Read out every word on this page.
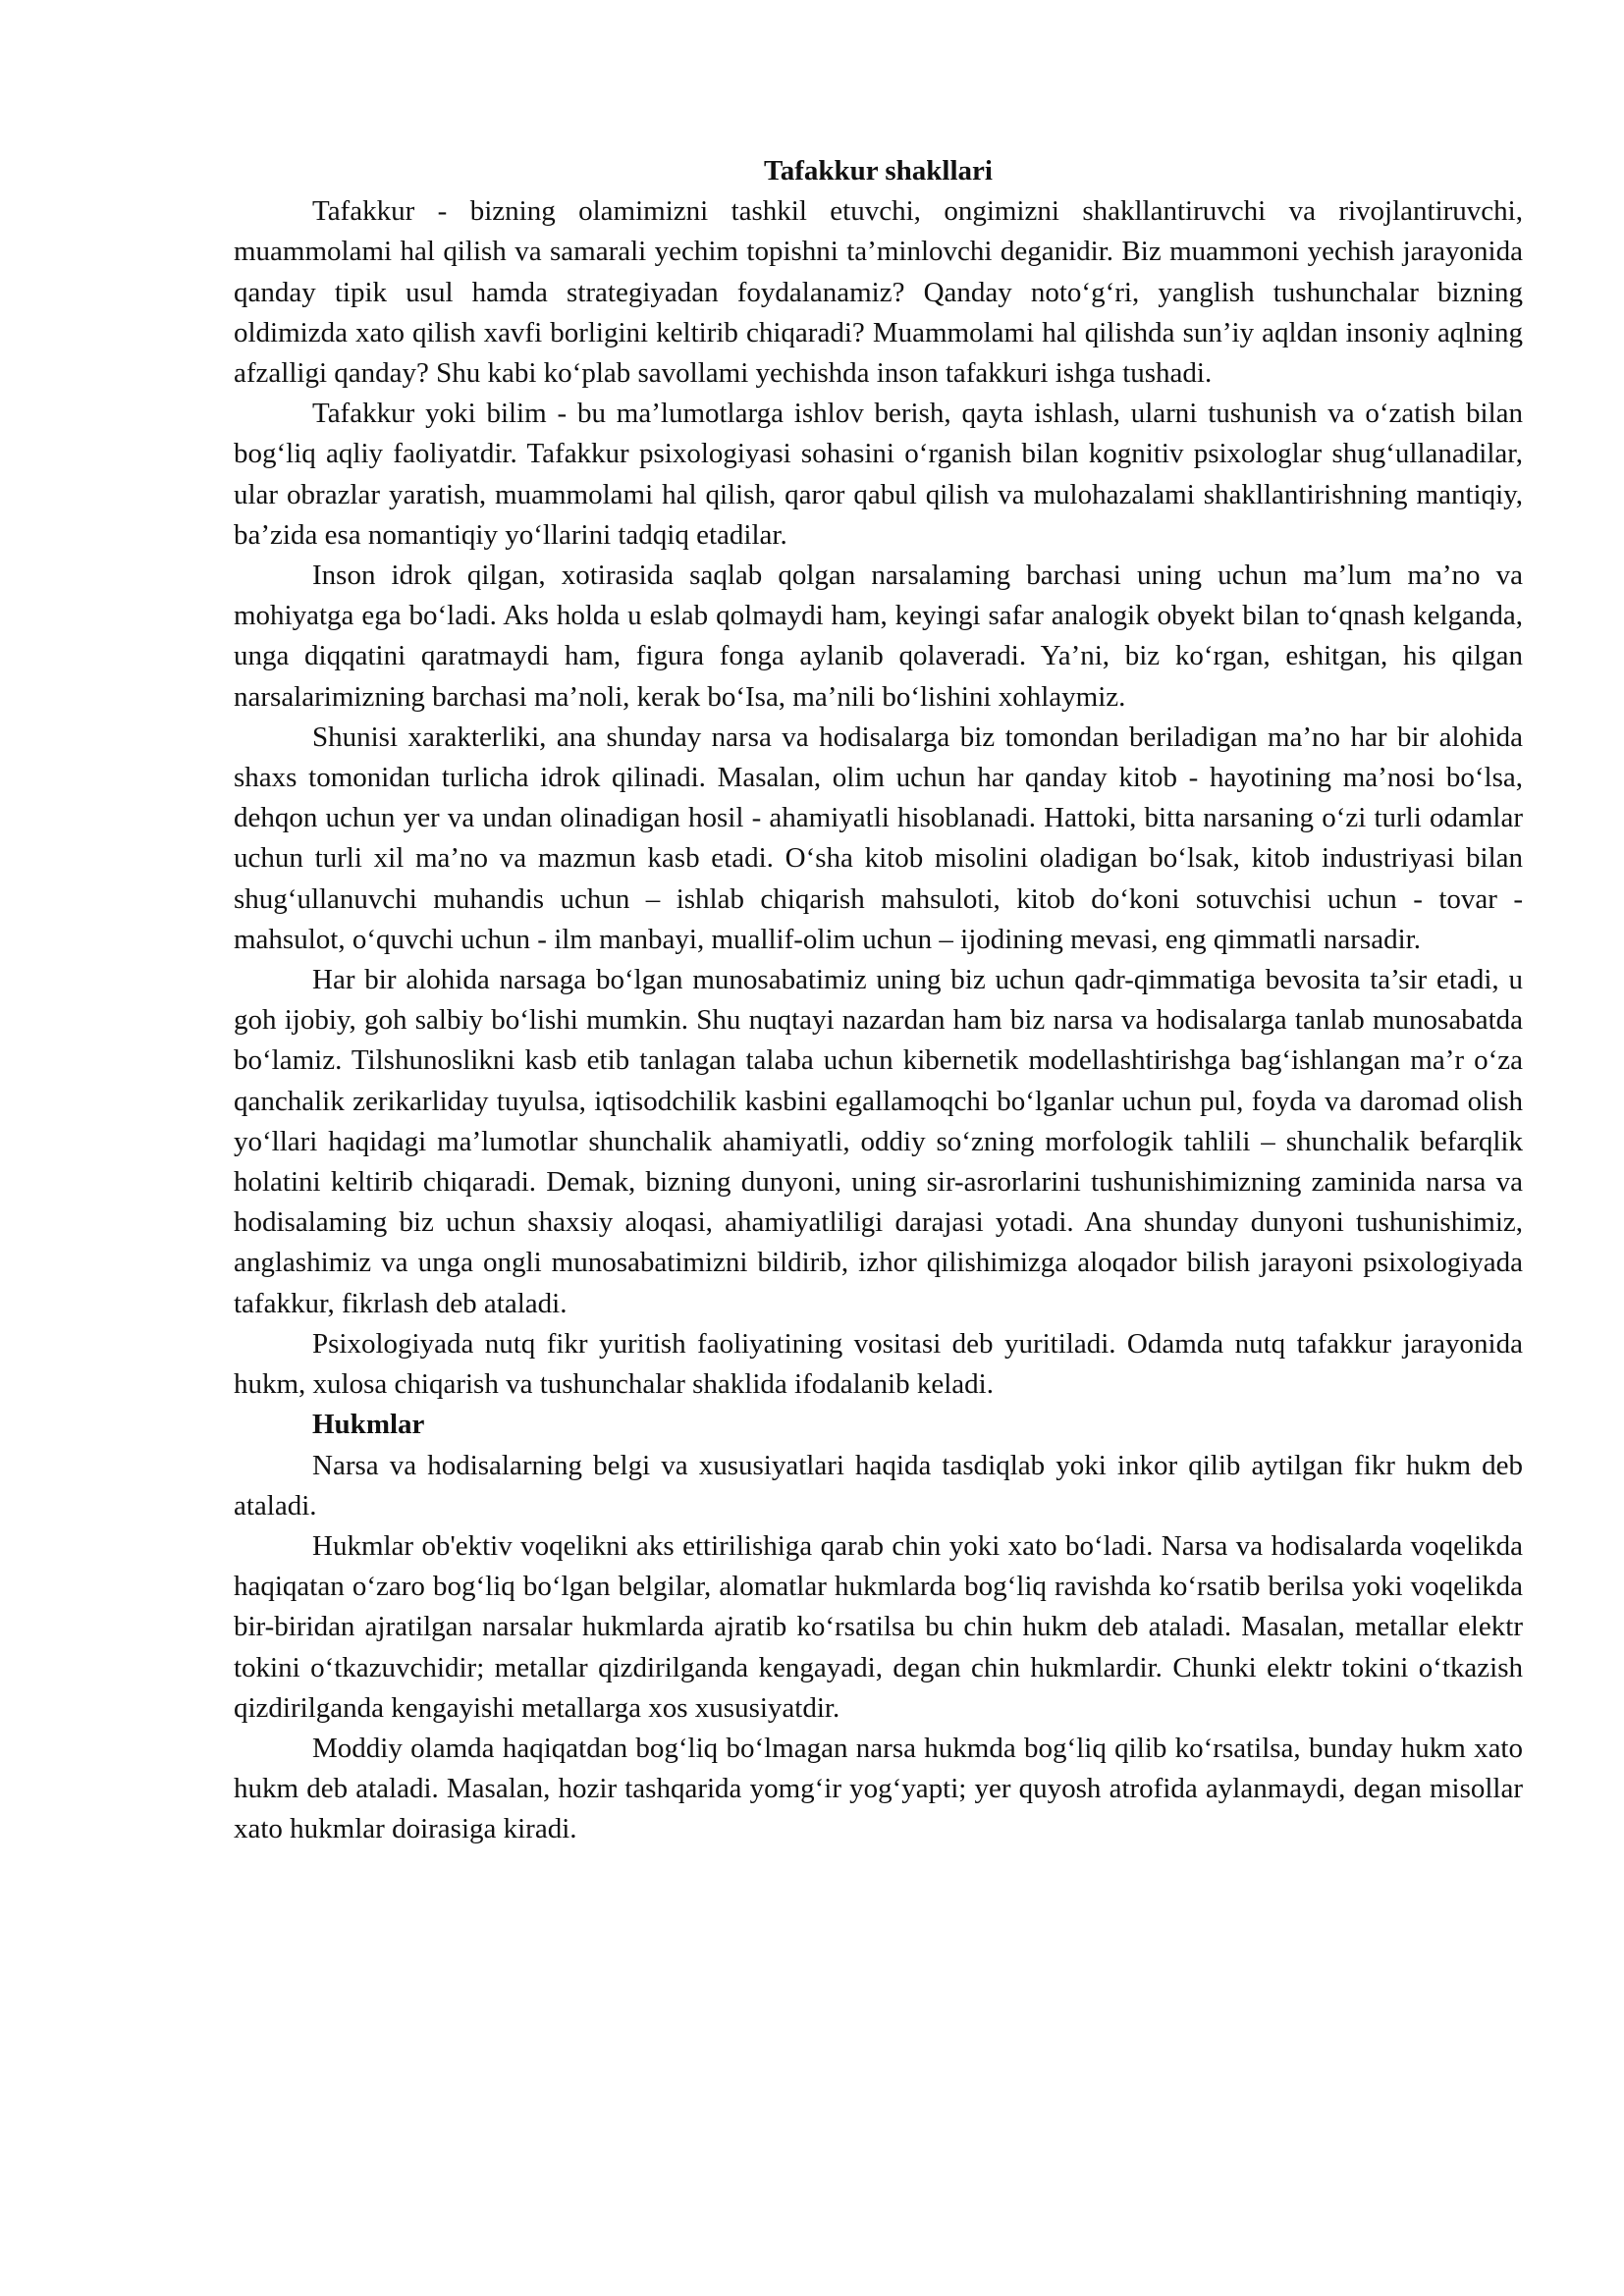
Tafakkur shakllari

Tafakkur - bizning olamimizni tashkil etuvchi, ongimizni shakllantiruvchi va rivojlantiruvchi, muammolami hal qilish va samarali yechim topishni ta’minlovchi deganidir. Biz muammoni yechish jarayonida qanday tipik usul hamda strategiyadan foydalanamiz? Qanday noto‘g‘ri, yanglish tushunchalar bizning oldimizda xato qilish xavfi borligini keltirib chiqaradi? Muammolami hal qilishda sun’iy aqldan insoniy aqlning afzalligi qanday? Shu kabi ko‘plab savollami yechishda inson tafakkuri ishga tushadi.

Tafakkur yoki bilim - bu ma’lumotlarga ishlov berish, qayta ishlash, ularni tushunish va o‘zatish bilan bog‘liq aqliy faoliyatdir. Tafakkur psixologiyasi sohasini o‘rganish bilan kognitiv psixologlar shug‘ullanadilar, ular obrazlar yaratish, muammolami hal qilish, qaror qabul qilish va mulohazalami shakllantirishning mantiqiy, ba’zida esa nomantiqiy yo‘llarini tadqiq etadilar.

Inson idrok qilgan, xotirasida saqlab qolgan narsalaming barchasi uning uchun ma’lum ma’no va mohiyatga ega bo‘ladi. Aks holda u eslab qolmaydi ham, keyingi safar analogik obyekt bilan to‘qnash kelganda, unga diqqatini qaratmaydi ham, figura fonga aylanib qolaveradi. Ya’ni, biz ko‘rgan, eshitgan, his qilgan narsalarimizning barchasi ma’noli, kerak bo‘Isa, ma’nili bo‘lishini xohlaymiz.

Shunisi xarakterliki, ana shunday narsa va hodisalarga biz tomondan beriladigan ma’no har bir alohida shaxs tomonidan turlicha idrok qilinadi. Masalan, olim uchun har qanday kitob - hayotining ma’nosi bo‘lsa, dehqon uchun yer va undan olinadigan hosil - ahamiyatli hisoblanadi. Hattoki, bitta narsaning o‘zi turli odamlar uchun turli xil ma’no va mazmun kasb etadi. O‘sha kitob misolini oladigan bo‘lsak, kitob industriyasi bilan shug‘ullanuvchi muhandis uchun – ishlab chiqarish mahsuloti, kitob do‘koni sotuvchisi uchun - tovar - mahsulot, o‘quvchi uchun - ilm manbayi, muallif-olim uchun – ijodining mevasi, eng qimmatli narsadir.

Har bir alohida narsaga bo‘lgan munosabatimiz uning biz uchun qadr-qimmatiga bevosita ta’sir etadi, u goh ijobiy, goh salbiy bo‘lishi mumkin. Shu nuqtayi nazardan ham biz narsa va hodisalarga tanlab munosabatda bo‘lamiz. Tilshunoslikni kasb etib tanlagan talaba uchun kibernetik modellashtirishga bag‘ishlangan ma’r o‘za qanchalik zerikarliday tuyulsa, iqtisodchilik kasbini egallamoqchi bo‘lganlar uchun pul, foyda va daromad olish yo‘llari haqidagi ma’lumotlar shunchalik ahamiyatli, oddiy so‘zning morfologik tahlili – shunchalik befarqlik holatini keltirib chiqaradi. Demak, bizning dunyoni, uning sir-asrorlarini tushunishimizning zaminida narsa va hodisalaming biz uchun shaxsiy aloqasi, ahamiyatliligi darajasi yotadi. Ana shunday dunyoni tushunishimiz, anglashimiz va unga ongli munosabatimizni bildirib, izhor qilishimizga aloqador bilish jarayoni psixologiyada tafakkur, fikrlash deb ataladi.

Psixologiyada nutq fikr yuritish faoliyatining vositasi deb yuritiladi. Odamda nutq tafakkur jarayonida hukm, xulosa chiqarish va tushunchalar shaklida ifodalanib keladi.

Hukmlar

Narsa va hodisalarning belgi va xususiyatlari haqida tasdiqlab yoki inkor qilib aytilgan fikr hukm deb ataladi.

Hukmlar ob'ektiv voqelikni aks ettirilishiga qarab chin yoki xato bo‘ladi. Narsa va hodisalarda voqelikda haqiqatan o‘zaro bog‘liq bo‘lgan belgilar, alomatlar hukmlarda bog‘liq ravishda ko‘rsatib berilsa yoki voqelikda bir-biridan ajratilgan narsalar hukmlarda ajratib ko‘rsatilsa bu chin hukm deb ataladi. Masalan, metallar elektr tokini o‘tkazuvchidir; metallar qizdirilganda kengayadi, degan chin hukmlardir. Chunki elektr tokini o‘tkazish qizdirilganda kengayishi metallarga xos xususiyatdir.

Moddiy olamda haqiqatdan bog‘liq bo‘lmagan narsa hukmda bog‘liq qilib ko‘rsatilsa, bunday hukm xato hukm deb ataladi. Masalan, hozir tashqarida yomg‘ir yog‘yapti; yer quyosh atrofida aylanmaydi, degan misollar xato hukmlar doirasiga kiradi.
